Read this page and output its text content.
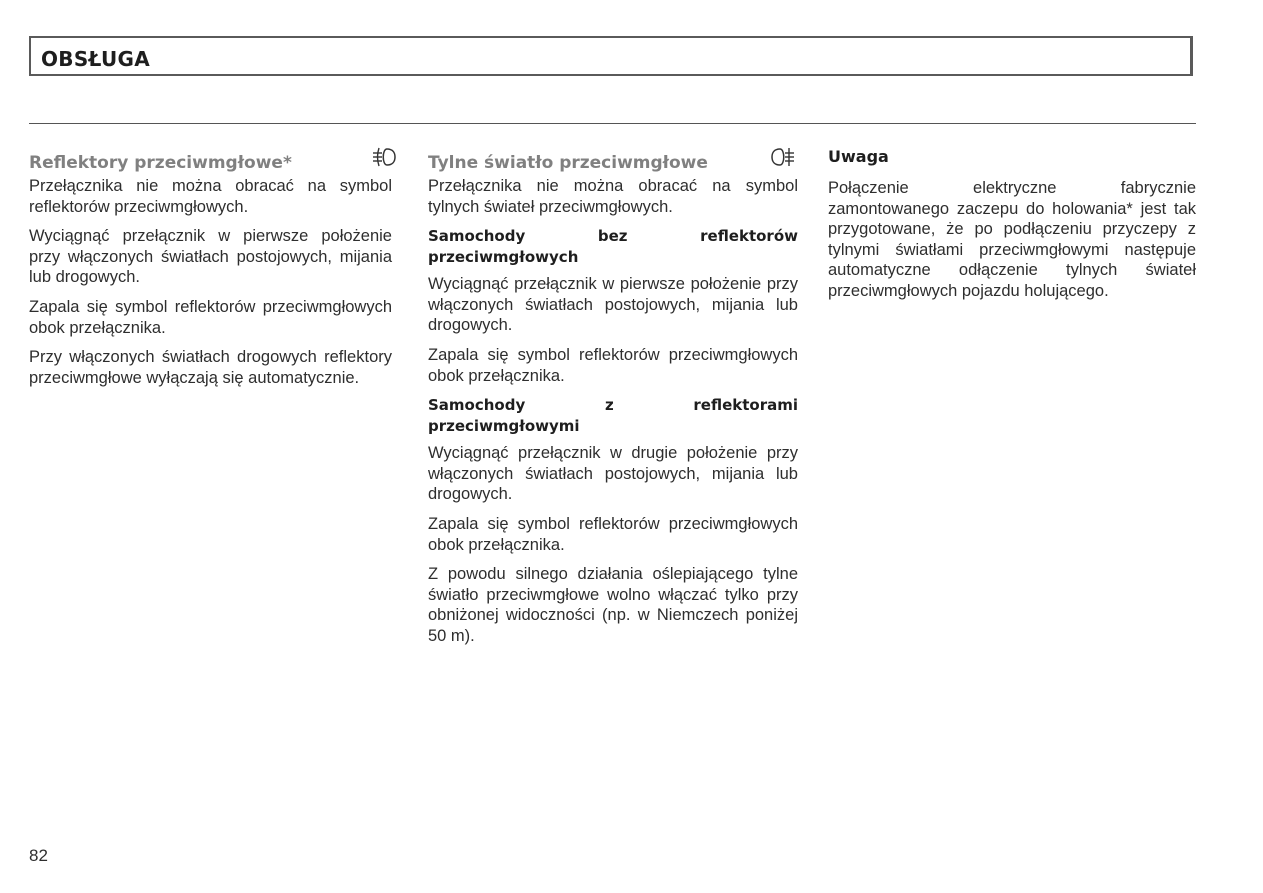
OBSŁUGA
Reflektory przeciwmgłowe*

Przełącznika nie można obracać na symbol reflektorów przeciwmgłowych.

Wyciągnąć przełącznik w pierwsze położenie przy włączonych światłach postojowych, mijania lub drogowych.

Zapala się symbol reflektorów przeciwmgłowych obok przełącznika.

Przy włączonych światłach drogowych reflektory przeciwmgłowe wyłączają się automatycznie.

Tylne światło przeciwmgłowe

Przełącznika nie można obracać na symbol tylnych świateł przeciwmgłowych.

Samochody bez reflektorów przeciwmgłowych

Wyciągnąć przełącznik w pierwsze położenie przy włączonych światłach postojowych, mijania lub drogowych.

Zapala się symbol reflektorów przeciwmgłowych obok przełącznika.

Samochody z reflektorami przeciwmgłowymi

Wyciągnąć przełącznik w drugie położenie przy włączonych światłach postojowych, mijania lub drogowych.

Zapala się symbol reflektorów przeciwmgłowych obok przełącznika.

Z powodu silnego działania oślepiającego tylne światło przeciwmgłowe wolno włączać tylko przy obniżonej widoczności (np. w Niemczech poniżej 50 m).

Uwaga

Połączenie elektryczne fabrycznie zamontowanego zaczepu do holowania* jest tak przygotowane, że po podłączeniu przyczepy z tylnymi światłami przeciwmgłowymi następuje automatyczne odłączenie tylnych świateł przeciwmgłowych pojazdu holującego.

82
